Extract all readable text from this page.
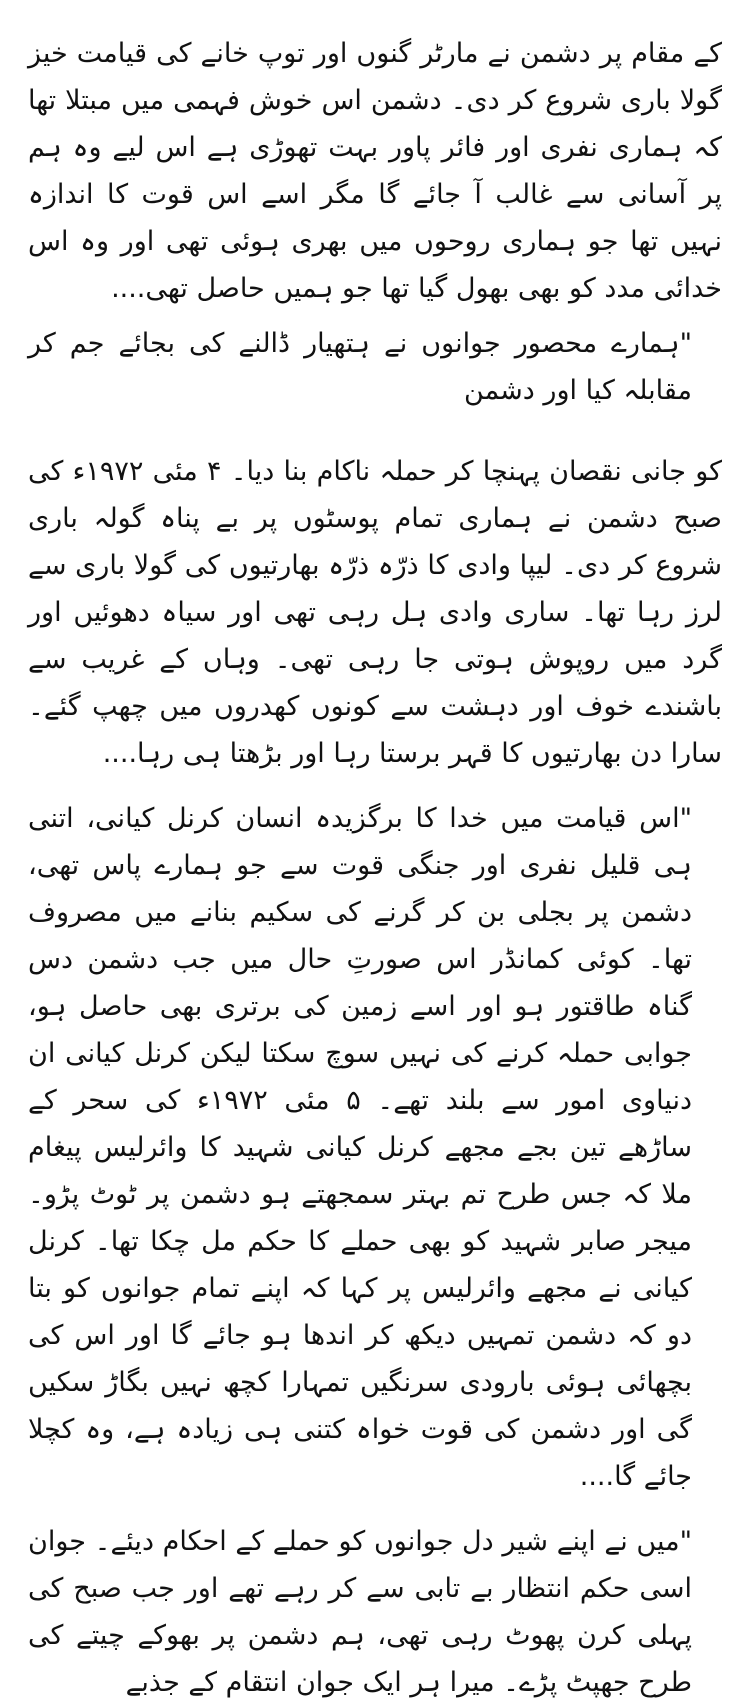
کے مقام پر دشمن نے مارٹر گنوں اور توپ خانے کی قیامت خیز گولا باری شروع کر دی۔ دشمن اس خوش فہمی میں مبتلا تھا کہ ہماری نفری اور فائر پاور بہت تھوڑی ہے اس لیے وہ ہم پر آسانی سے غالب آ جائے گا مگر اسے اس قوت کا اندازہ نہیں تھا جو ہماری روحوں میں بھری ہوئی تھی اور وہ اس خدائی مدد کو بھی بھول گیا تھا جو ہمیں حاصل تھی....

"ہمارے محصور جوانوں نے ہتھیار ڈالنے کی بجائے جم کر مقابلہ کیا اور دشمن

کو جانی نقصان پہنچا کر حملہ ناکام بنا دیا۔ ۴ مئی ۱۹۷۲ء کی صبح دشمن نے ہماری تمام پوسٹوں پر بے پناہ گولہ باری شروع کر دی۔ لیپا وادی کا ذرّہ ذرّہ بھارتیوں کی گولا باری سے لرز رہا تھا۔ ساری وادی ہل رہی تھی اور سیاہ دھوئیں اور گرد میں روپوش ہوتی جا رہی تھی۔ وہاں کے غریب سے باشندے خوف اور دہشت سے کونوں کھدروں میں چھپ گئے۔ سارا دن بھارتیوں کا قہر برستا رہا اور بڑھتا ہی رہا....

"اس قیامت میں خدا کا برگزیدہ انسان کرنل کیانی، اتنی ہی قلیل نفری اور جنگی قوت سے جو ہمارے پاس تھی، دشمن پر بجلی بن کر گرنے کی سکیم بنانے میں مصروف تھا۔ کوئی کمانڈر اس صورتِ حال میں جب دشمن دس گناہ طاقتور ہو اور اسے زمین کی برتری بھی حاصل ہو، جوابی حملہ کرنے کی نہیں سوچ سکتا لیکن کرنل کیانی ان دنیاوی امور سے بلند تھے۔ ۵ مئی ۱۹۷۲ء کی سحر کے ساڑھے تین بجے مجھے کرنل کیانی شہید کا وائرلیس پیغام ملا کہ جس طرح تم بہتر سمجھتے ہو دشمن پر ٹوٹ پڑو۔ میجر صابر شہید کو بھی حملے کا حکم مل چکا تھا۔ کرنل کیانی نے مجھے وائرلیس پر کہا کہ اپنے تمام جوانوں کو بتا دو کہ دشمن تمہیں دیکھ کر اندھا ہو جائے گا اور اس کی بچھائی ہوئی بارودی سرنگیں تمہارا کچھ نہیں بگاڑ سکیں گی اور دشمن کی قوت خواہ کتنی ہی زیادہ ہے، وہ کچلا جائے گا....

"میں نے اپنے شیر دل جوانوں کو حملے کے احکام دیئے۔ جوان اسی حکم انتظار بے تابی سے کر رہے تھے اور جب صبح کی پہلی کرن پھوٹ رہی تھی، ہم دشمن پر بھوکے چیتے کی طرح جھپٹ پڑے۔ میرا ہر ایک جوان انتقام کے جذبے
